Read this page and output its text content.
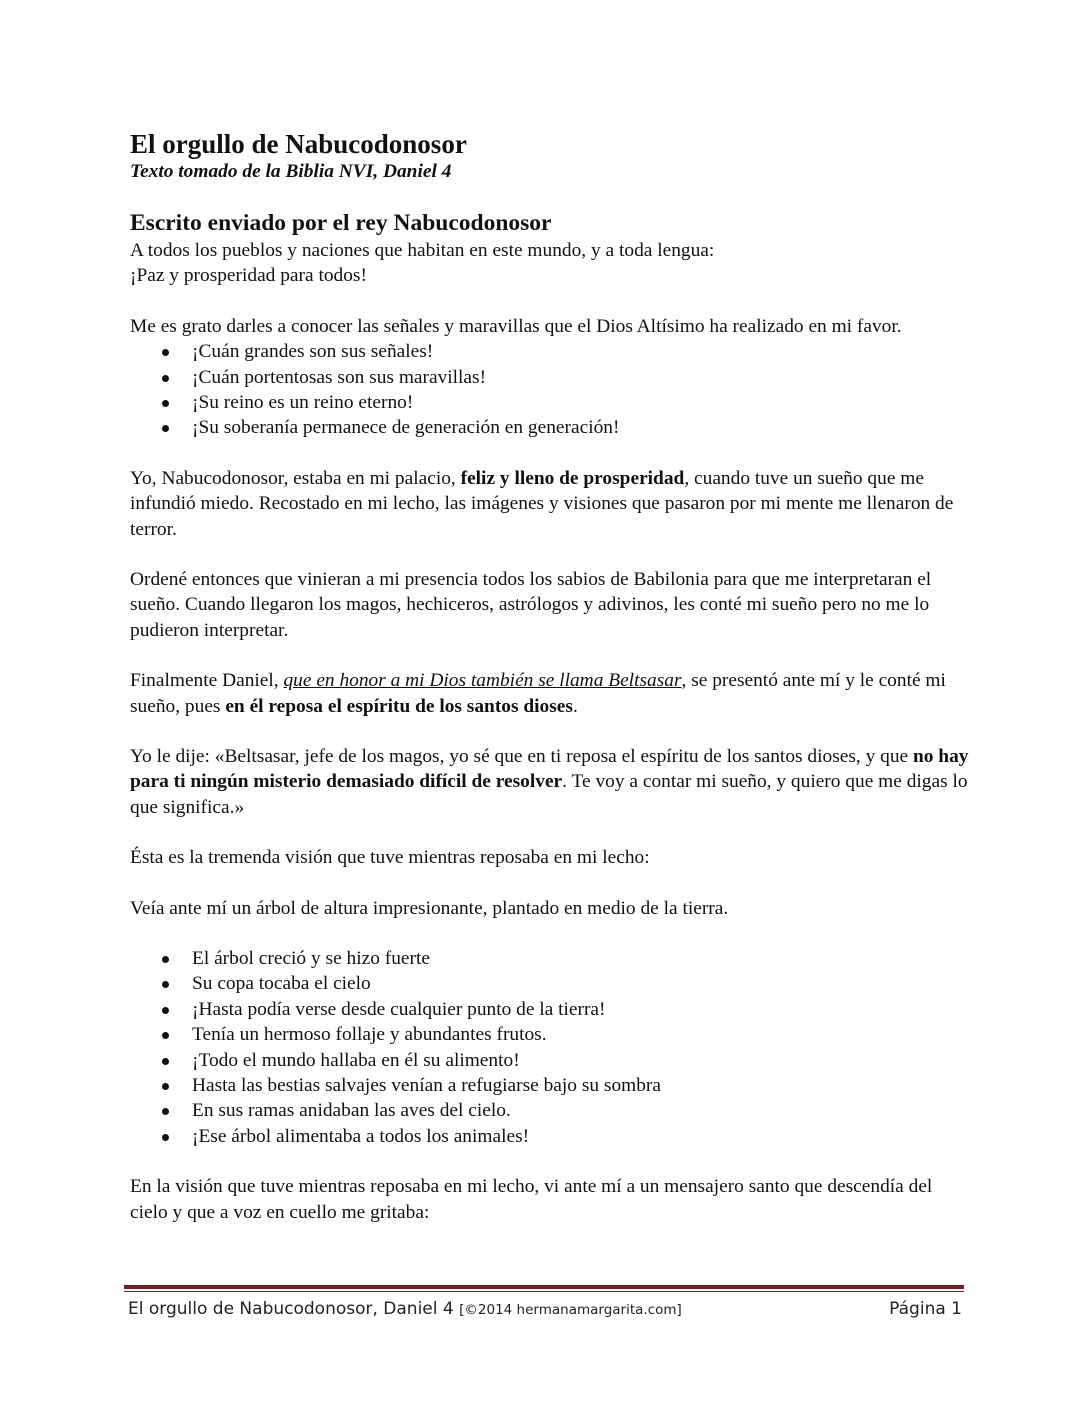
El orgullo de Nabucodonosor

Texto tomado de la Biblia NVI, Daniel 4

Escrito enviado por el rey Nabucodonosor

A todos los pueblos y naciones que habitan en este mundo, y a toda lengua:

¡Paz y prosperidad para todos!

Me es grato darles a conocer las señales y maravillas que el Dios Altísimo ha realizado en mi favor.

¡Cuán grandes son sus señales!
¡Cuán portentosas son sus maravillas!
¡Su reino es un reino eterno!
¡Su soberanía permanece de generación en generación!

Yo, Nabucodonosor, estaba en mi palacio, feliz y lleno de prosperidad, cuando tuve un sueño que me infundió miedo. Recostado en mi lecho, las imágenes y visiones que pasaron por mi mente me llenaron de terror.

Ordené entonces que vinieran a mi presencia todos los sabios de Babilonia para que me interpretaran el sueño. Cuando llegaron los magos, hechiceros, astrólogos y adivinos, les conté mi sueño pero no me lo pudieron interpretar.

Finalmente Daniel, que en honor a mi Dios también se llama Beltsasar, se presentó ante mí y le conté mi sueño, pues en él reposa el espíritu de los santos dioses.

Yo le dije: «Beltsasar, jefe de los magos, yo sé que en ti reposa el espíritu de los santos dioses, y que no hay para ti ningún misterio demasiado difícil de resolver. Te voy a contar mi sueño, y quiero que me digas lo que significa.»

Ésta es la tremenda visión que tuve mientras reposaba en mi lecho:

Veía ante mí un árbol de altura impresionante, plantado en medio de la tierra.

El árbol creció y se hizo fuerte
Su copa tocaba el cielo
¡Hasta podía verse desde cualquier punto de la tierra!
Tenía un hermoso follaje y abundantes frutos.
¡Todo el mundo hallaba en él su alimento!
Hasta las bestias salvajes venían a refugiarse bajo su sombra
En sus ramas anidaban las aves del cielo.
¡Ese árbol alimentaba a todos los animales!

En la visión que tuve mientras reposaba en mi lecho, vi ante mí a un mensajero santo que descendía del cielo y que a voz en cuello me gritaba:

El orgullo de Nabucodonosor, Daniel 4 [©2014 hermanamargarita.com]	Página 1
